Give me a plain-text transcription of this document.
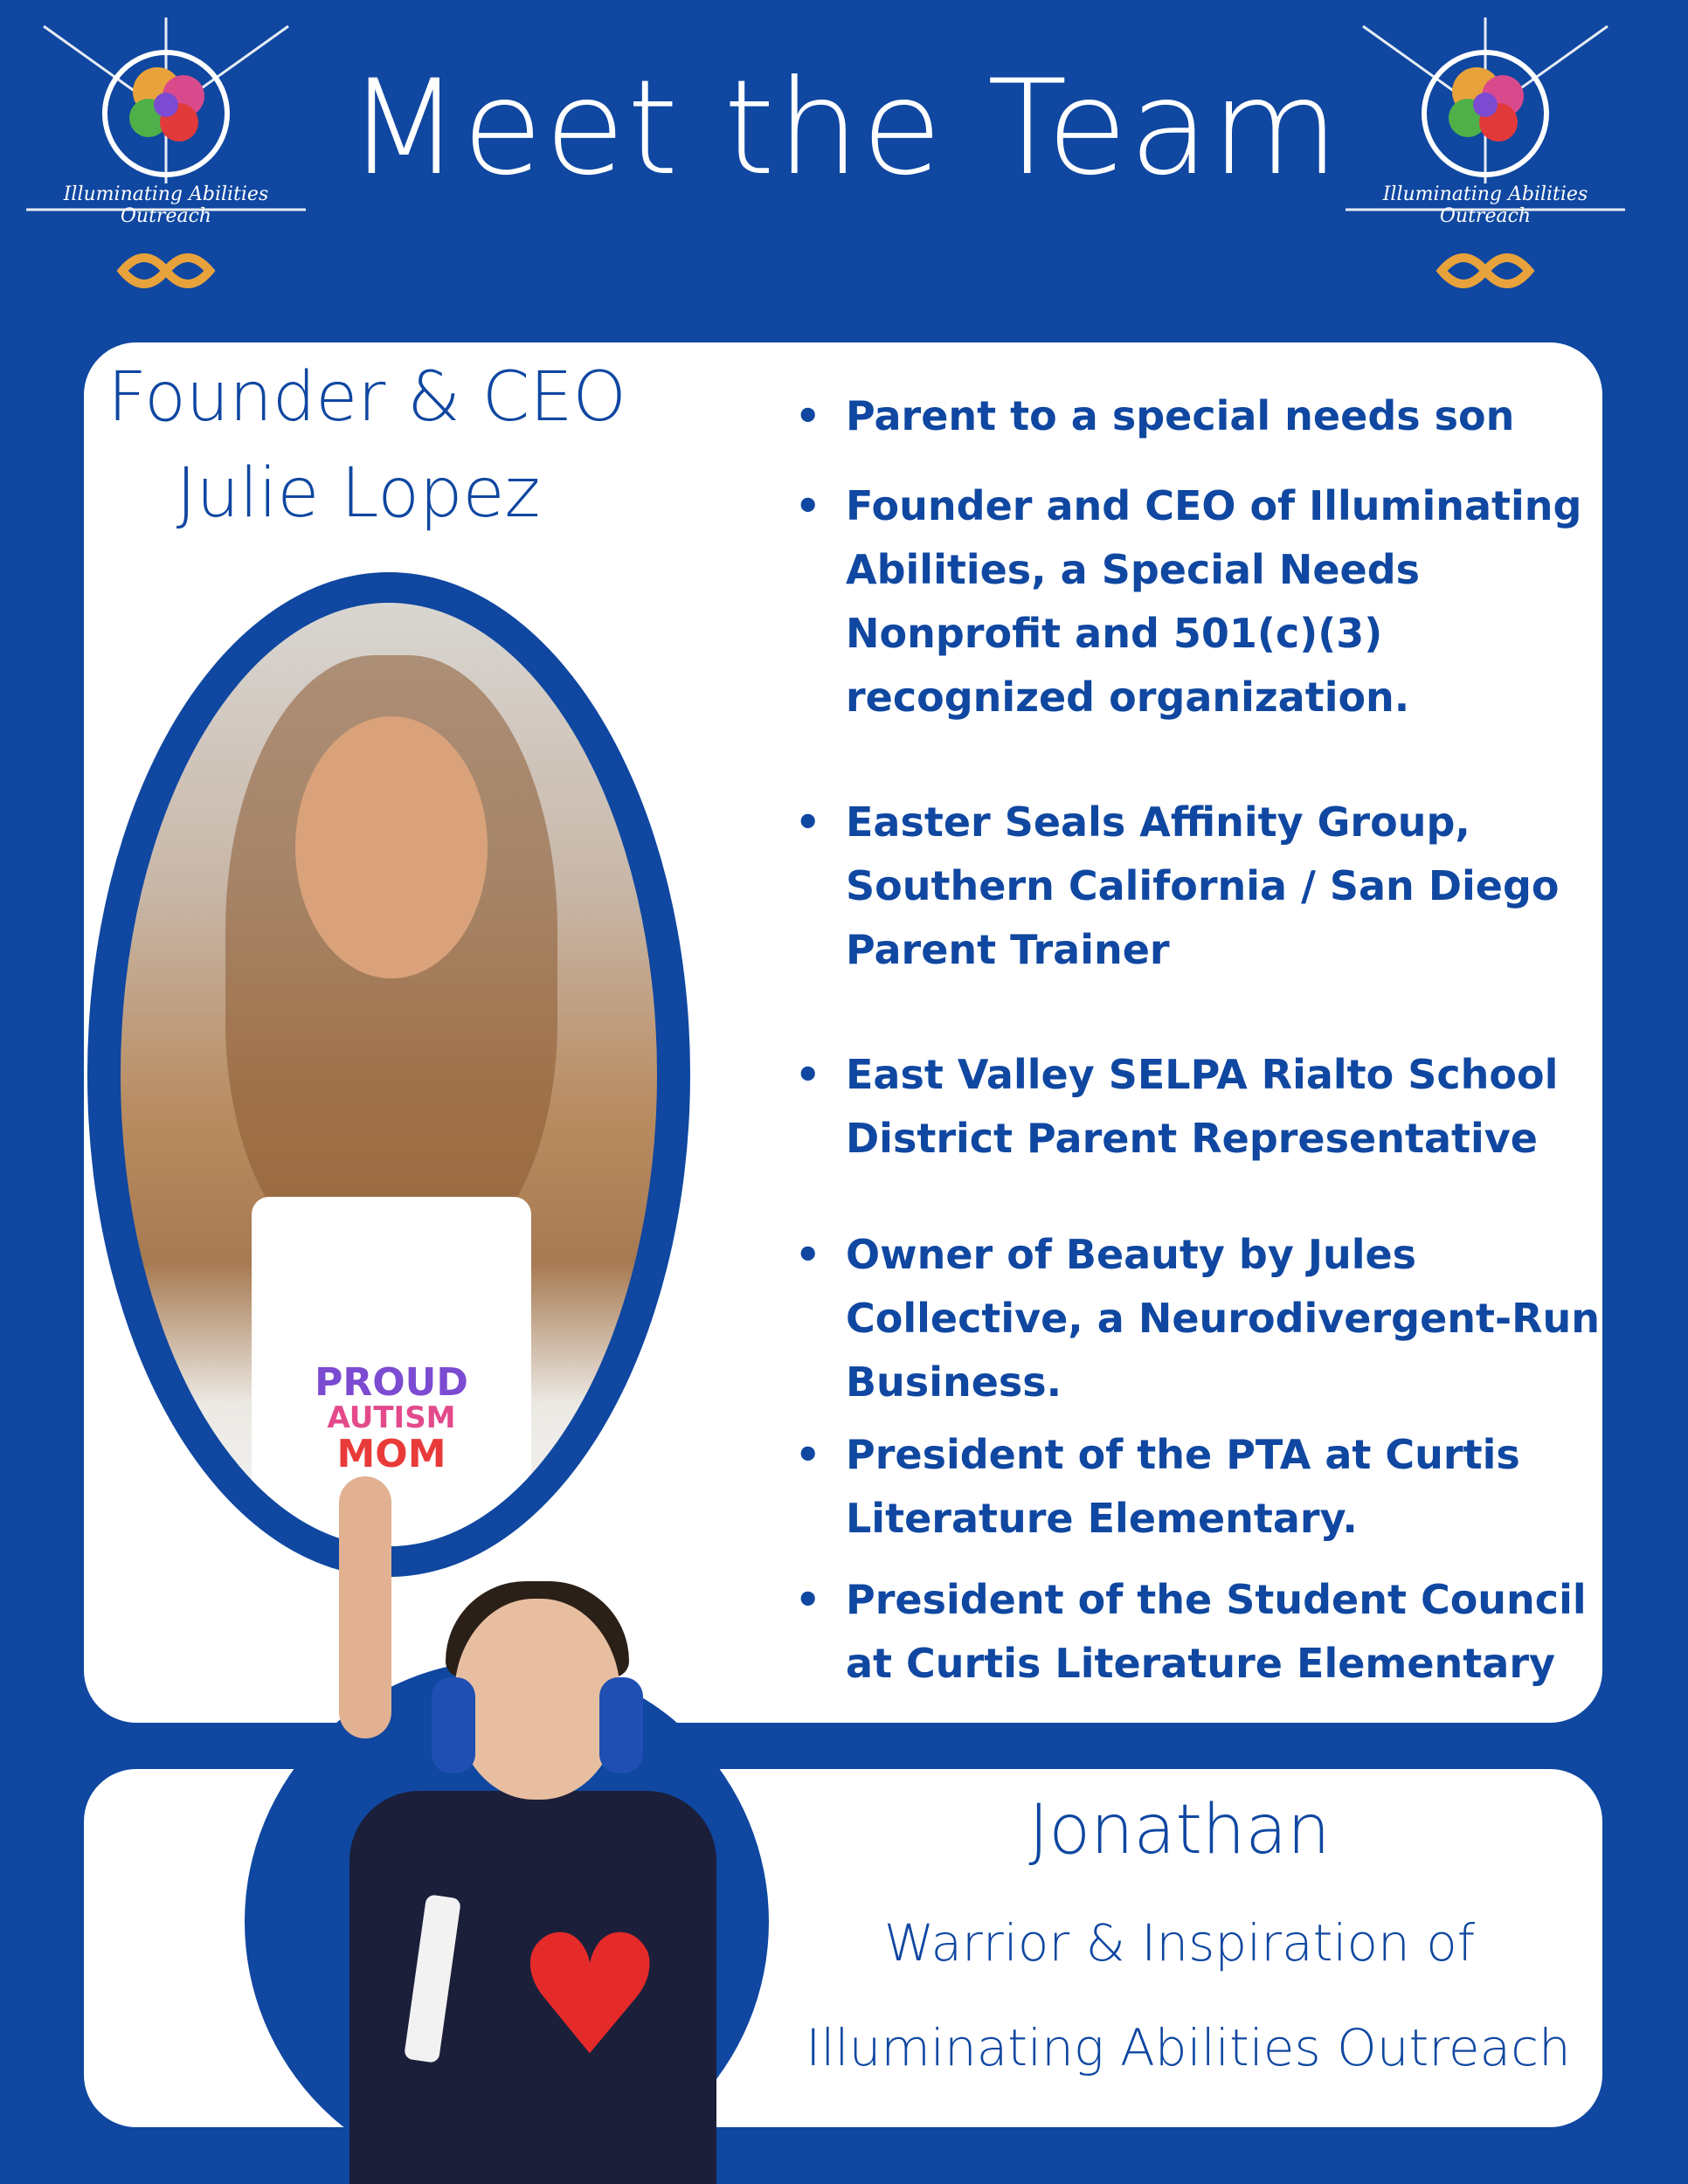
Illuminating Abilities Outreach
Illuminating Abilities Outreach
Meet the Team
Founder & CEO
Julie Lopez
PROUD
AUTISM
MOM
• Parent to a special needs son
• Founder and CEO of Illuminating Abilities, a Special Needs Nonprofit and 501(c)(3) recognized organization.
• Easter Seals Affinity Group, Southern California / San Diego Parent Trainer
• East Valley SELPA Rialto School District Parent Representative
• Owner of Beauty by Jules Collective, a Neurodivergent-Run Business.
• President of the PTA at Curtis Literature Elementary.
• President of the Student Council at Curtis Literature Elementary
♥
Jonathan
Warrior & Inspiration of
Illuminating Abilities Outreach
